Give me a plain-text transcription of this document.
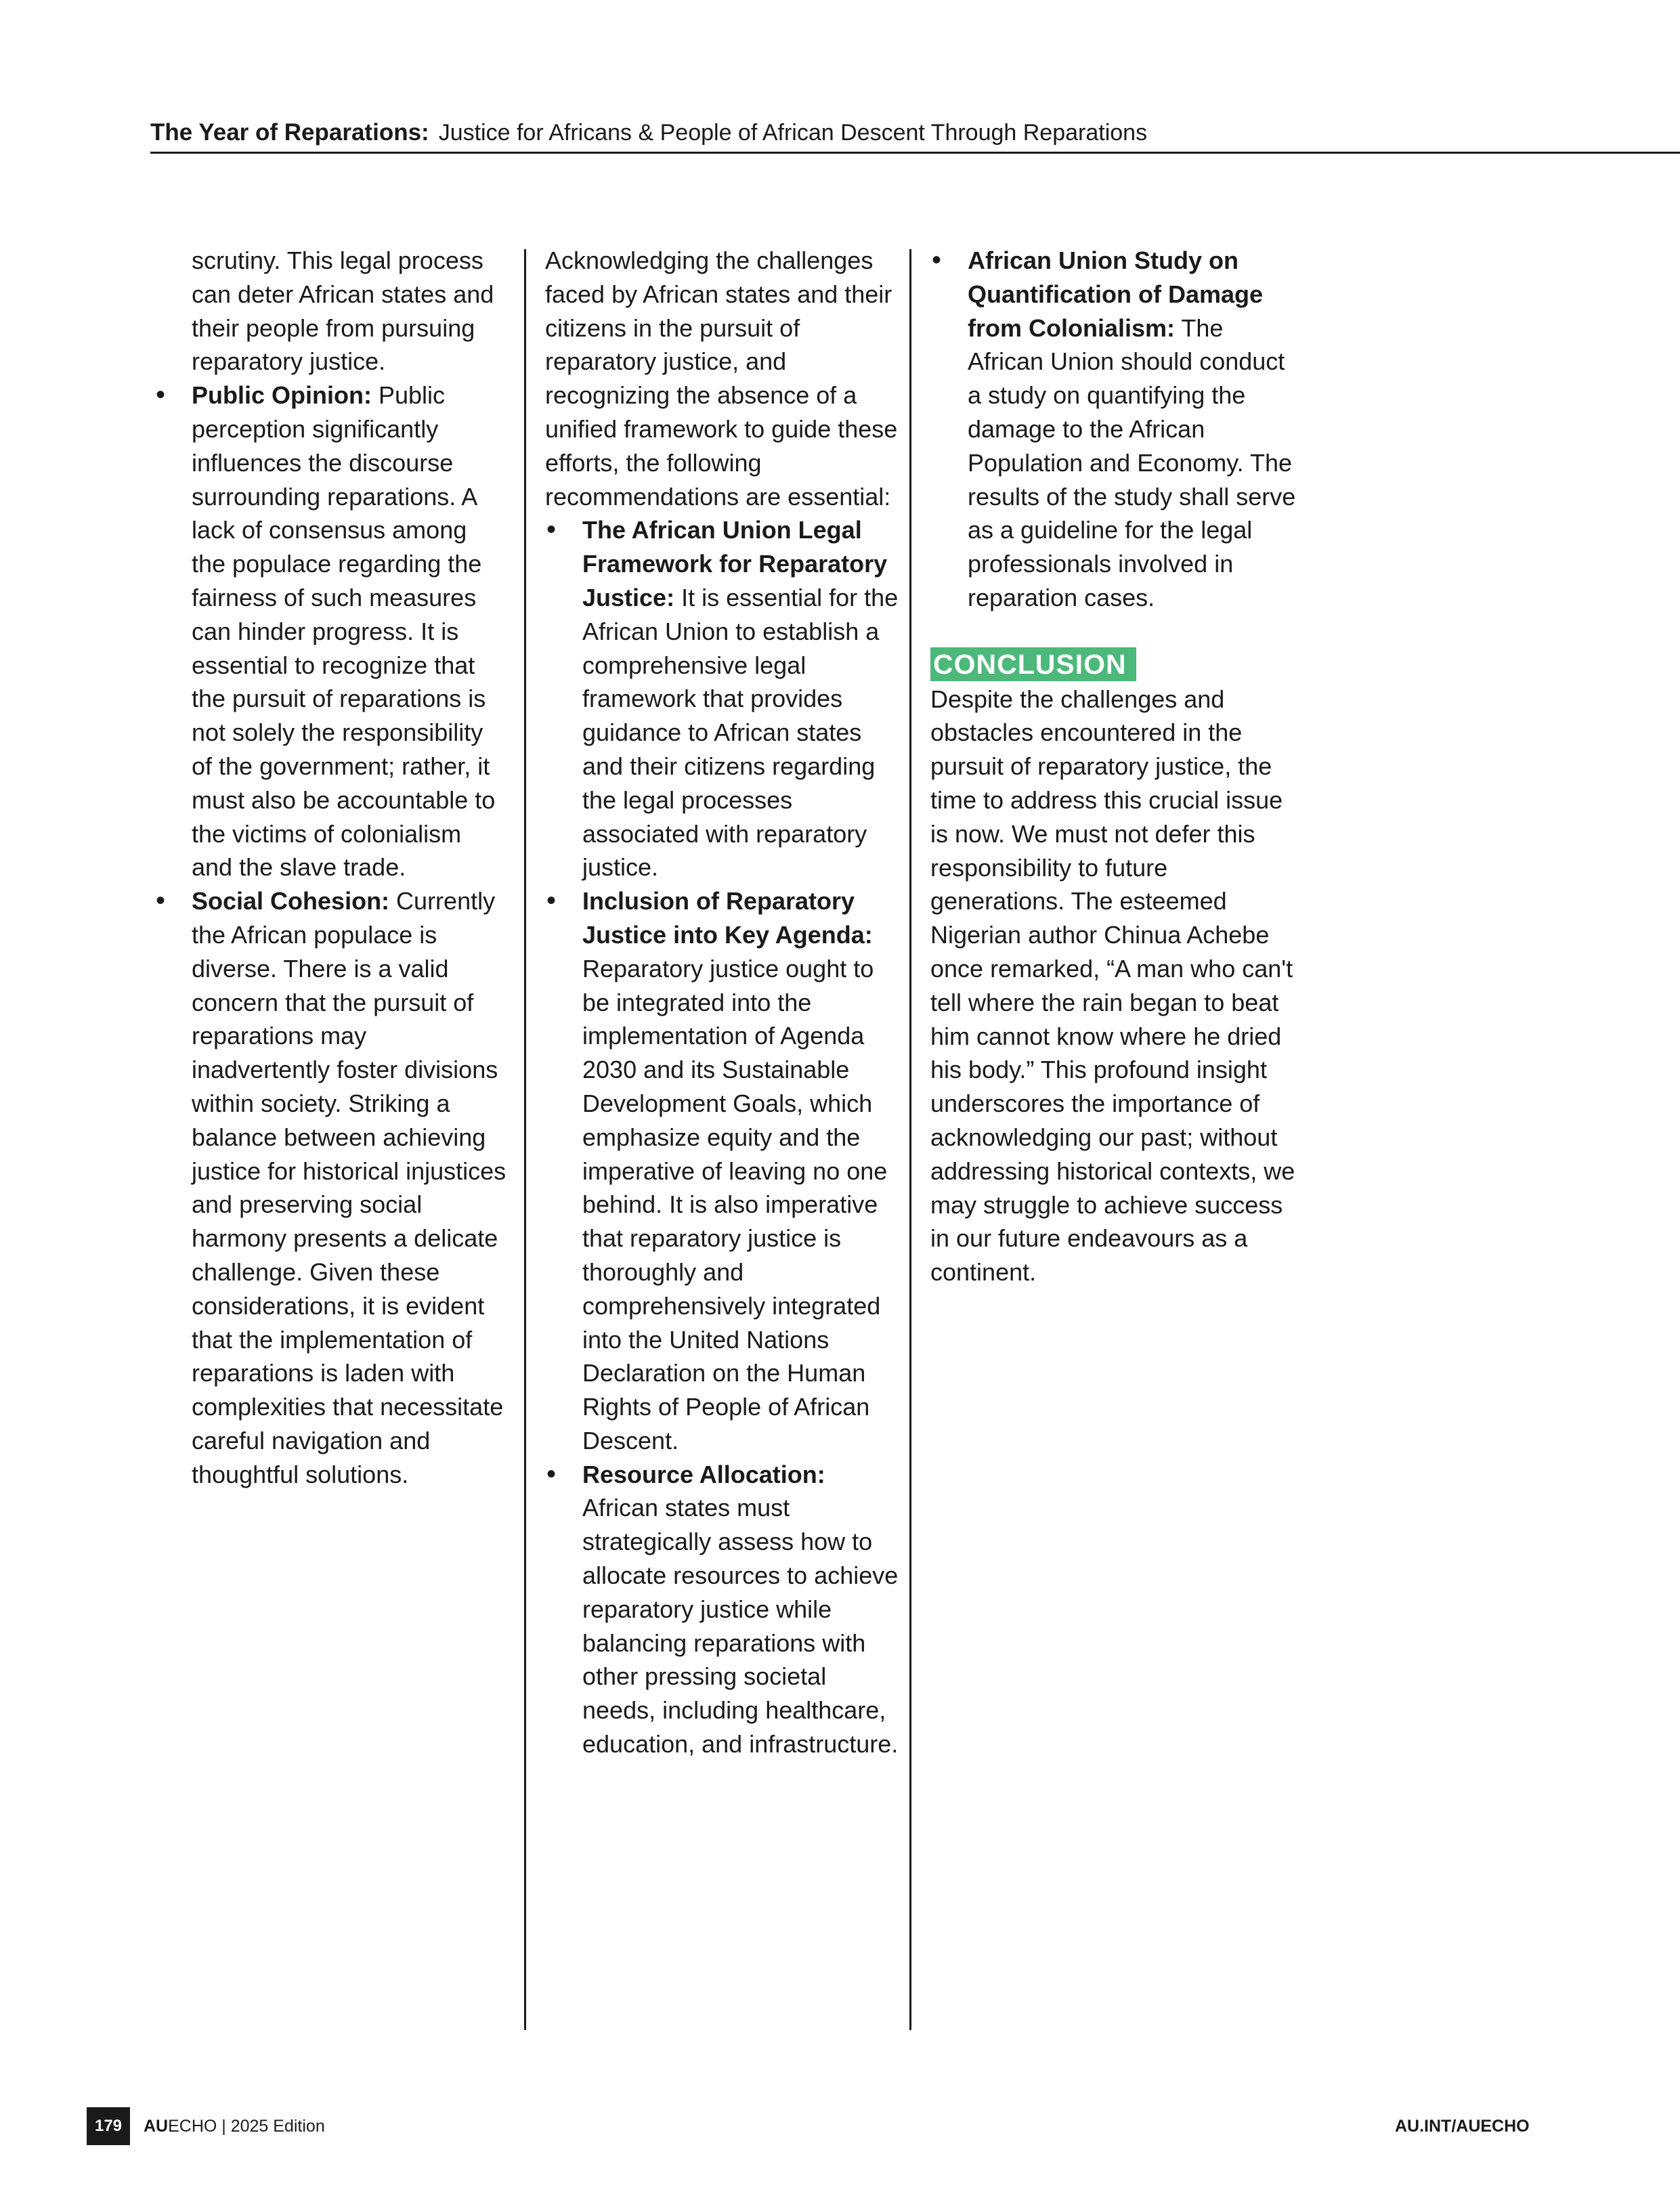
The Year of Reparations: Justice for Africans & People of African Descent Through Reparations

scrutiny. This legal process can deter African states and their people from pursuing reparatory justice.

• Public Opinion: Public perception significantly influences the discourse surrounding reparations. A lack of consensus among the populace regarding the fairness of such measures can hinder progress. It is essential to recognize that the pursuit of reparations is not solely the responsibility of the government; rather, it must also be accountable to the victims of colonialism and the slave trade.
• Social Cohesion: Currently the African populace is diverse. There is a valid concern that the pursuit of reparations may inadvertently foster divisions within society. Striking a balance between achieving justice for historical injustices and preserving social harmony presents a delicate challenge. Given these considerations, it is evident that the implementation of reparations is laden with complexities that necessitate careful navigation and thoughtful solutions.

Acknowledging the challenges faced by African states and their citizens in the pursuit of reparatory justice, and recognizing the absence of a unified framework to guide these efforts, the following recommendations are essential:

• The African Union Legal Framework for Reparatory Justice: It is essential for the African Union to establish a comprehensive legal framework that provides guidance to African states and their citizens regarding the legal processes associated with reparatory justice.
• Inclusion of Reparatory Justice into Key Agenda: Reparatory justice ought to be integrated into the implementation of Agenda 2030 and its Sustainable Development Goals, which emphasize equity and the imperative of leaving no one behind. It is also imperative that reparatory justice is thoroughly and comprehensively integrated into the United Nations Declaration on the Human Rights of People of African Descent.
• Resource Allocation: African states must strategically assess how to allocate resources to achieve reparatory justice while balancing reparations with other pressing societal needs, including healthcare, education, and infrastructure.
• African Union Study on Quantification of Damage from Colonialism: The African Union should conduct a study on quantifying the damage to the African Population and Economy. The results of the study shall serve as a guideline for the legal professionals involved in reparation cases.
CONCLUSION

Despite the challenges and obstacles encountered in the pursuit of reparatory justice, the time to address this crucial issue is now. We must not defer this responsibility to future generations. The esteemed Nigerian author Chinua Achebe once remarked, “A man who can't tell where the rain began to beat him cannot know where he dried his body.” This profound insight underscores the importance of acknowledging our past; without addressing historical contexts, we may struggle to achieve success in our future endeavours as a continent.

179	AUECHO | 2025 Edition	AU.INT/AUECHO
